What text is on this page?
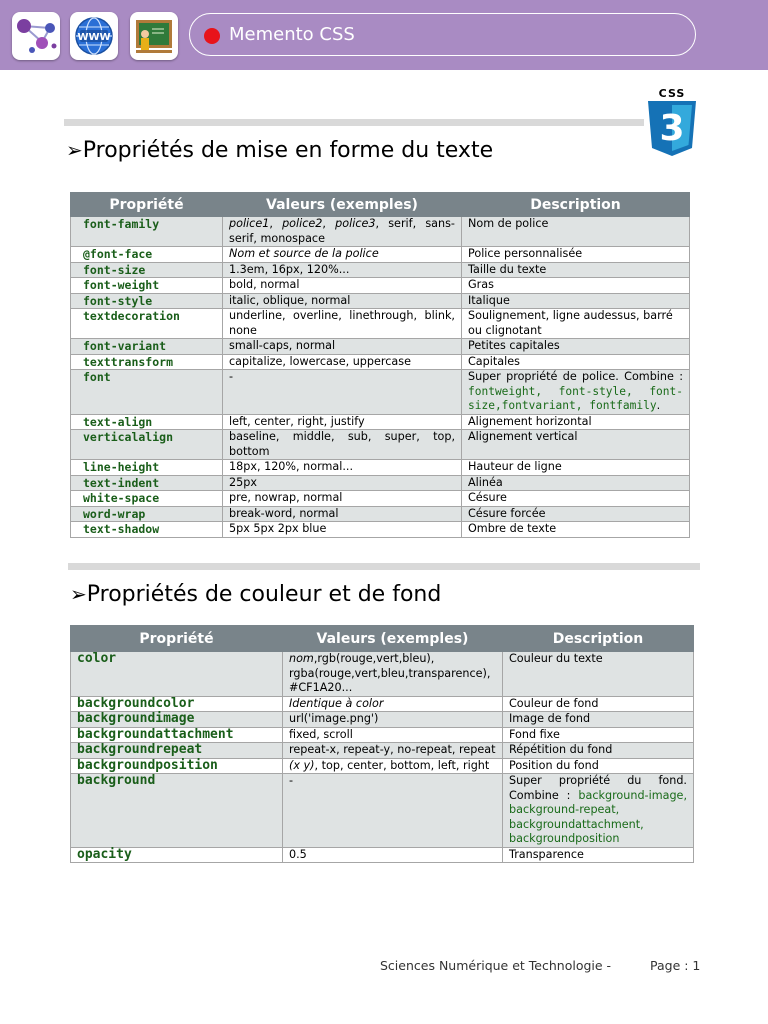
WWW	Memento CSS
CSS
3
➢Propriétés de mise en forme du texte
Propriété	Valeurs (exemples)	Description
font-family	police1, police2, police3, serif, sans-serif, monospace	Nom de police
@font-face	Nom et source de la police	Police personnalisée
font-size	1.3em, 16px, 120%...	Taille du texte
font-weight	bold, normal	Gras
font-style	italic, oblique, normal	Italique
textdecoration	underline, overline, linethrough, blink, none	Soulignement, ligne audessus, barré ou clignotant
font-variant	small-caps, normal	Petites capitales
texttransform	capitalize, lowercase, uppercase	Capitales
font	-	Super propriété de police. Combine : fontweight, font-style, font-size,fontvariant, fontfamily.
text-align	left, center, right, justify	Alignement horizontal
verticalalign	baseline, middle, sub, super, top, bottom	Alignement vertical
line-height	18px, 120%, normal...	Hauteur de ligne
text-indent	25px	Alinéa
white-space	pre, nowrap, normal	Césure
word-wrap	break-word, normal	Césure forcée
text-shadow	5px 5px 2px blue	Ombre de texte
➢Propriétés de couleur et de fond
Propriété	Valeurs (exemples)	Description
color	nom,rgb(rouge,vert,bleu), rgba(rouge,vert,bleu,transparence), #CF1A20...	Couleur du texte
backgroundcolor	Identique à color	Couleur de fond
backgroundimage	url('image.png')	Image de fond
backgroundattachment	fixed, scroll	Fond fixe
backgroundrepeat	repeat-x, repeat-y, no-repeat, repeat	Répétition du fond
backgroundposition	(x y), top, center, bottom, left, right	Position du fond
background	-	Super propriété du fond. Combine : background-image, background-repeat, backgroundattachment, backgroundposition
opacity	0.5	Transparence
Sciences Numérique et Technologie -	Page : 1
